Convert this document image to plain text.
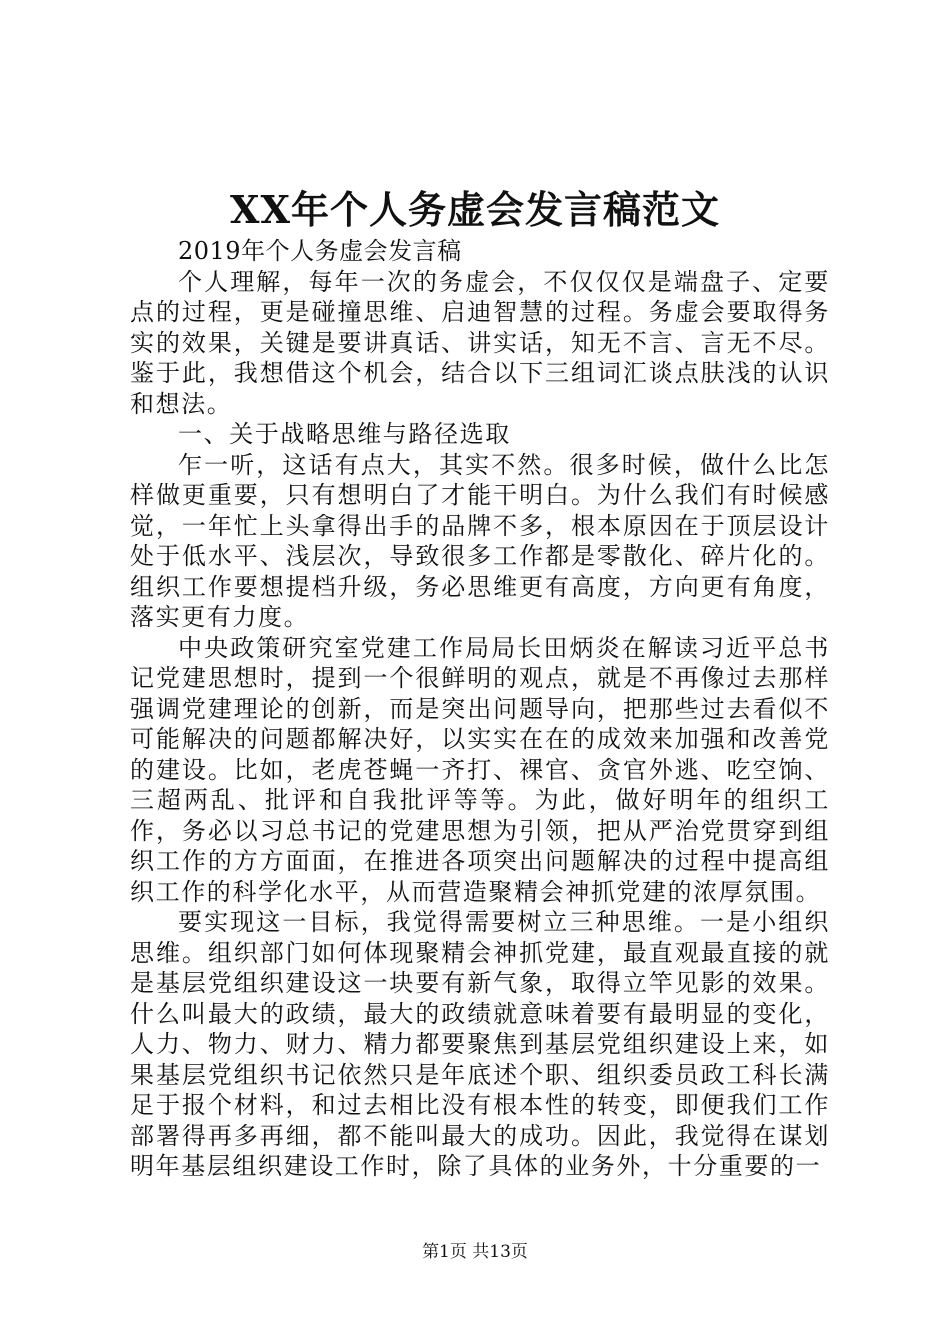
XX年个人务虚会发言稿范文

2019年个人务虚会发言稿

个人理解，每年一次的务虚会，不仅仅仅是端盘子、定要点的过程，更是碰撞思维、启迪智慧的过程。务虚会要取得务实的效果，关键是要讲真话、讲实话，知无不言、言无不尽。鉴于此，我想借这个机会，结合以下三组词汇谈点肤浅的认识和想法。

一、关于战略思维与路径选取

乍一听，这话有点大，其实不然。很多时候，做什么比怎样做更重要，只有想明白了才能干明白。为什么我们有时候感觉，一年忙上头拿得出手的品牌不多，根本原因在于顶层设计处于低水平、浅层次，导致很多工作都是零散化、碎片化的。组织工作要想提档升级，务必思维更有高度，方向更有角度，落实更有力度。

中央政策研究室党建工作局局长田炳炎在解读习近平总书记党建思想时，提到一个很鲜明的观点，就是不再像过去那样强调党建理论的创新，而是突出问题导向，把那些过去看似不可能解决的问题都解决好，以实实在在的成效来加强和改善党的建设。比如，老虎苍蝇一齐打、裸官、贪官外逃、吃空饷、三超两乱、批评和自我批评等等。为此，做好明年的组织工作，务必以习总书记的党建思想为引领，把从严治党贯穿到组织工作的方方面面，在推进各项突出问题解决的过程中提高组织工作的科学化水平，从而营造聚精会神抓党建的浓厚氛围。

要实现这一目标，我觉得需要树立三种思维。一是小组织思维。组织部门如何体现聚精会神抓党建，最直观最直接的就是基层党组织建设这一块要有新气象，取得立竿见影的效果。什么叫最大的政绩，最大的政绩就意味着要有最明显的变化，人力、物力、财力、精力都要聚焦到基层党组织建设上来，如果基层党组织书记依然只是年底述个职、组织委员政工科长满足于报个材料，和过去相比没有根本性的转变，即便我们工作部署得再多再细，都不能叫最大的成功。因此，我觉得在谋划明年基层组织建设工作时，除了具体的业务外，十分重要的一

第1页 共13页
